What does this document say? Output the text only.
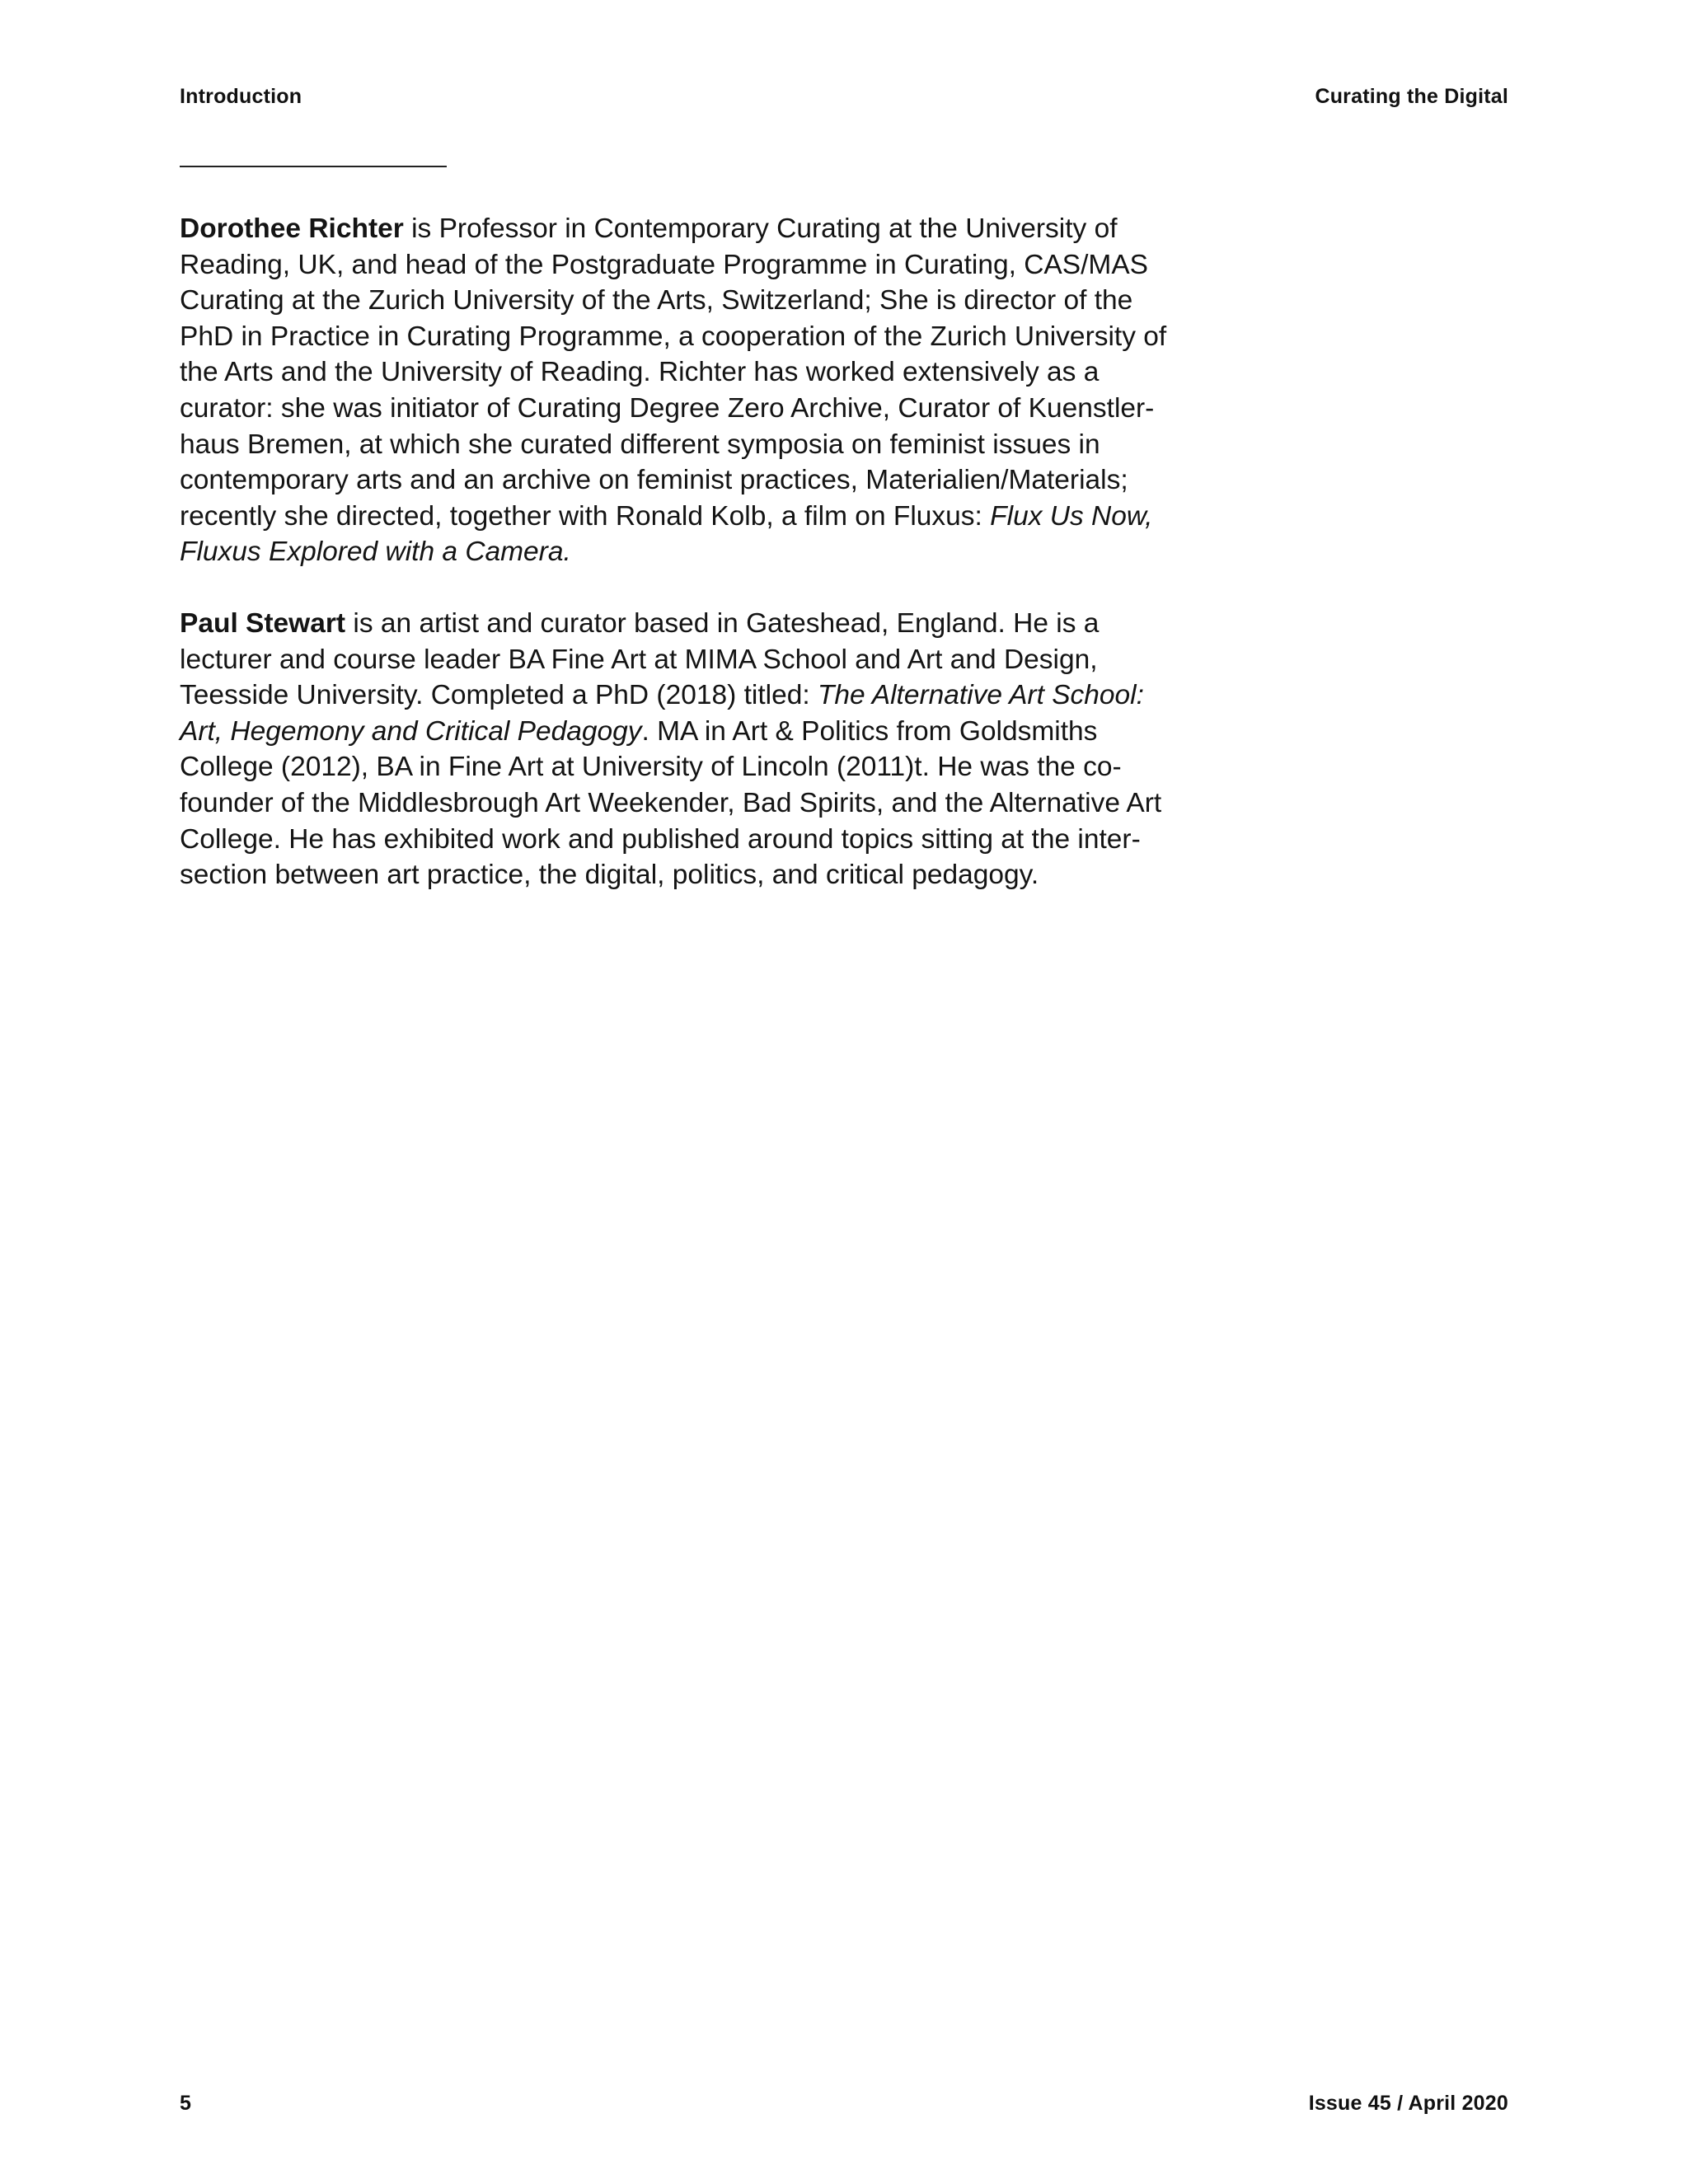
Introduction	Curating the Digital

Dorothee Richter is Professor in Contemporary Curating at the University of Reading, UK, and head of the Postgraduate Programme in Curating, CAS/MAS Curating at the Zurich University of the Arts, Switzerland; She is director of the PhD in Practice in Curating Programme, a cooperation of the Zurich University of the Arts and the University of Reading. Richter has worked extensively as a curator: she was initiator of Curating Degree Zero Archive, Curator of Kuenstler-haus Bremen, at which she curated different symposia on feminist issues in contemporary arts and an archive on feminist practices, Materialien/Materials; recently she directed, together with Ronald Kolb, a film on Fluxus: Flux Us Now, Fluxus Explored with a Camera.

Paul Stewart is an artist and curator based in Gateshead, England. He is a lecturer and course leader BA Fine Art at MIMA School and Art and Design, Teesside University. Completed a PhD (2018) titled: The Alternative Art School: Art, Hegemony and Critical Pedagogy. MA in Art & Politics from Goldsmiths College (2012), BA in Fine Art at University of Lincoln (2011)t. He was the co-founder of the Middlesbrough Art Weekender, Bad Spirits, and the Alternative Art College. He has exhibited work and published around topics sitting at the inter-section between art practice, the digital, politics, and critical pedagogy.

5	Issue 45 / April 2020
